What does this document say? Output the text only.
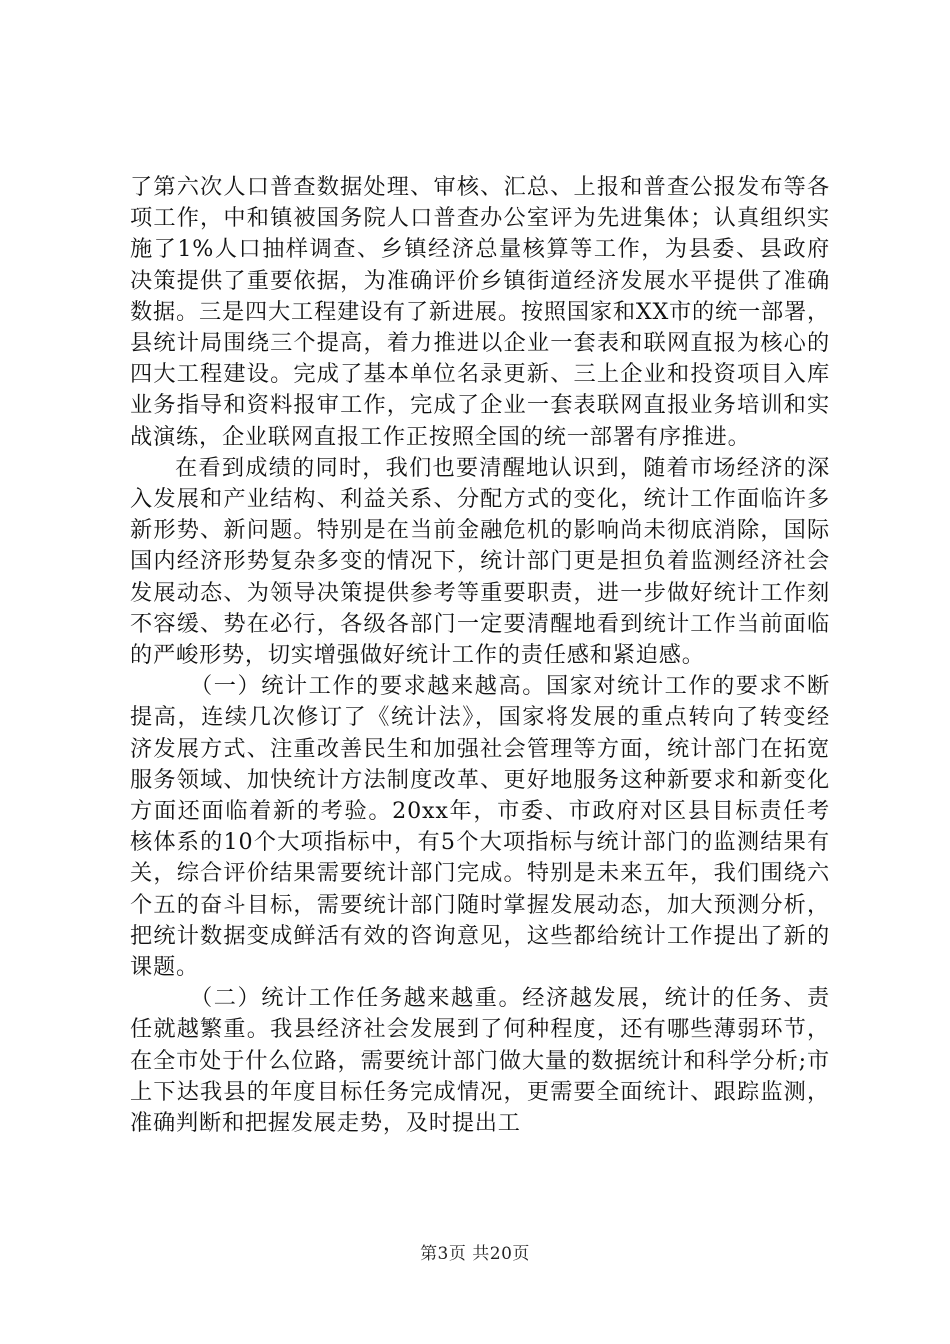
了第六次人口普查数据处理、审核、汇总、上报和普查公报发布等各项工作，中和镇被国务院人口普查办公室评为先进集体；认真组织实施了1%人口抽样调查、乡镇经济总量核算等工作，为县委、县政府决策提供了重要依据，为准确评价乡镇街道经济发展水平提供了准确数据。三是四大工程建设有了新进展。按照国家和XX市的统一部署，县统计局围绕三个提高，着力推进以企业一套表和联网直报为核心的四大工程建设。完成了基本单位名录更新、三上企业和投资项目入库业务指导和资料报审工作，完成了企业一套表联网直报业务培训和实战演练，企业联网直报工作正按照全国的统一部署有序推进。

在看到成绩的同时，我们也要清醒地认识到，随着市场经济的深入发展和产业结构、利益关系、分配方式的变化，统计工作面临许多新形势、新问题。特别是在当前金融危机的影响尚未彻底消除，国际国内经济形势复杂多变的情况下，统计部门更是担负着监测经济社会发展动态、为领导决策提供参考等重要职责，进一步做好统计工作刻不容缓、势在必行，各级各部门一定要清醒地看到统计工作当前面临的严峻形势，切实增强做好统计工作的责任感和紧迫感。

（一）统计工作的要求越来越高。国家对统计工作的要求不断提高，连续几次修订了《统计法》，国家将发展的重点转向了转变经济发展方式、注重改善民生和加强社会管理等方面，统计部门在拓宽服务领域、加快统计方法制度改革、更好地服务这种新要求和新变化方面还面临着新的考验。20xx年，市委、市政府对区县目标责任考核体系的10个大项指标中，有5个大项指标与统计部门的监测结果有关，综合评价结果需要统计部门完成。特别是未来五年，我们围绕六个五的奋斗目标，需要统计部门随时掌握发展动态，加大预测分析，把统计数据变成鲜活有效的咨询意见，这些都给统计工作提出了新的课题。

（二）统计工作任务越来越重。经济越发展，统计的任务、责任就越繁重。我县经济社会发展到了何种程度，还有哪些薄弱环节，在全市处于什么位路，需要统计部门做大量的数据统计和科学分析;市上下达我县的年度目标任务完成情况，更需要全面统计、跟踪监测，准确判断和把握发展走势，及时提出工

第3页 共20页
